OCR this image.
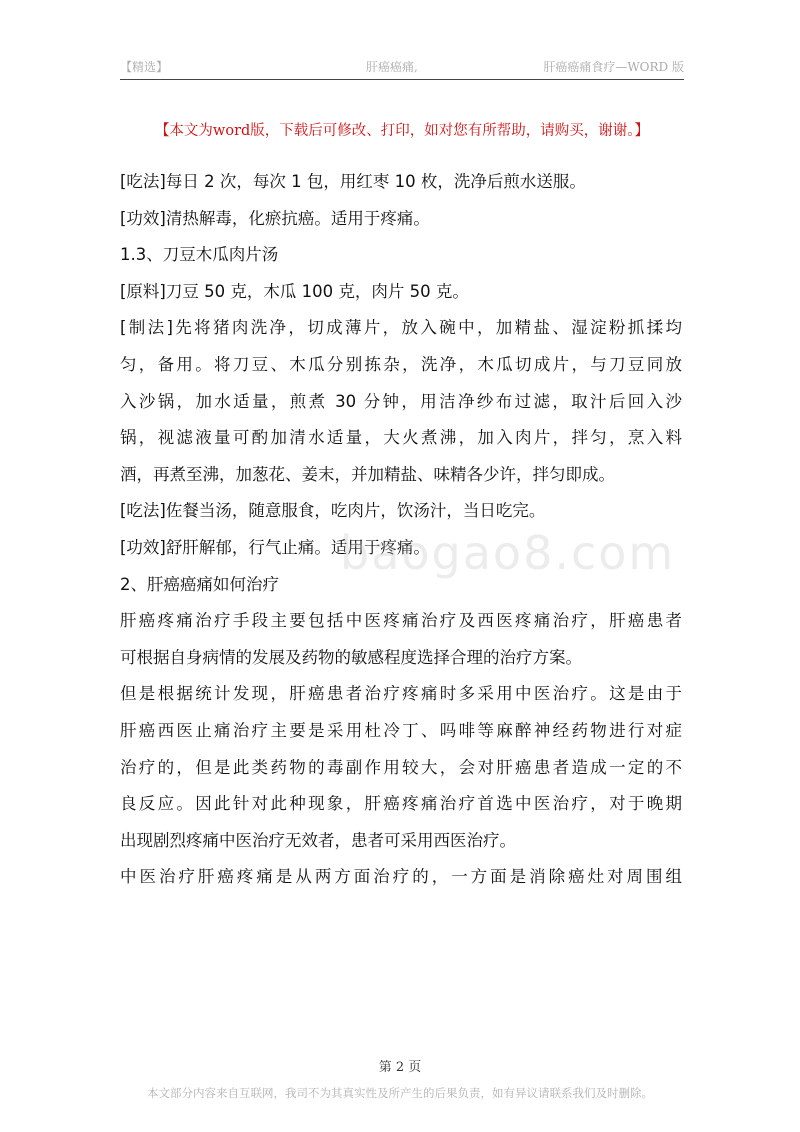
【精选】	肝癌癌痛,	肝癌癌痛食疗—WORD 版
【本文为word版，下载后可修改、打印，如对您有所帮助，请购买，谢谢。】
[吃法]每日 2 次，每次 1 包，用红枣 10 枚，洗净后煎水送服。
[功效]清热解毒，化瘀抗癌。适用于疼痛。
1.3、刀豆木瓜肉片汤
[原料]刀豆 50 克，木瓜 100 克，肉片 50 克。
[制法]先将猪肉洗净，切成薄片，放入碗中，加精盐、湿淀粉抓揉均
匀，备用。将刀豆、木瓜分别拣杂，洗净，木瓜切成片，与刀豆同放
入沙锅，加水适量，煎煮 30 分钟，用洁净纱布过滤，取汁后回入沙
锅，视滤液量可酌加清水适量，大火煮沸，加入肉片，拌匀，烹入料
酒，再煮至沸，加葱花、姜末，并加精盐、味精各少许，拌匀即成。
[吃法]佐餐当汤，随意服食，吃肉片，饮汤汁，当日吃完。
[功效]舒肝解郁，行气止痛。适用于疼痛。
2、肝癌癌痛如何治疗
肝癌疼痛治疗手段主要包括中医疼痛治疗及西医疼痛治疗，肝癌患者
可根据自身病情的发展及药物的敏感程度选择合理的治疗方案。
但是根据统计发现，肝癌患者治疗疼痛时多采用中医治疗。这是由于
肝癌西医止痛治疗主要是采用杜冷丁、吗啡等麻醉神经药物进行对症
治疗的，但是此类药物的毒副作用较大，会对肝癌患者造成一定的不
良反应。因此针对此种现象，肝癌疼痛治疗首选中医治疗，对于晚期
出现剧烈疼痛中医治疗无效者，患者可采用西医治疗。
中医治疗肝癌疼痛是从两方面治疗的，一方面是消除癌灶对周围组
baogao8.com
第 2 页
本文部分内容来自互联网，我司不为其真实性及所产生的后果负责，如有异议请联系我们及时删除。
